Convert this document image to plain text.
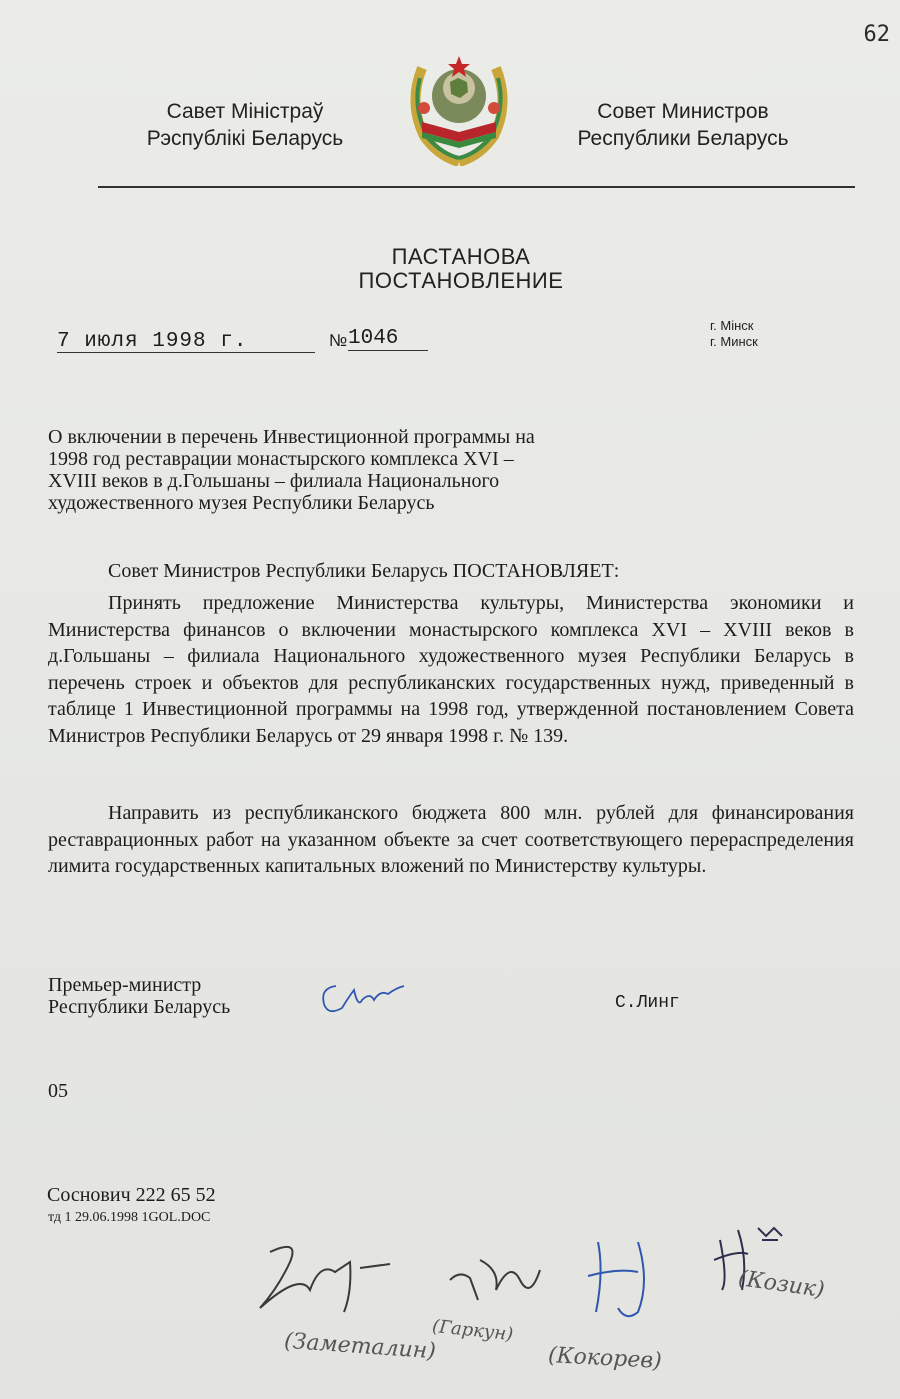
62
Савет Міністраў
Рэспублікі Беларусь
Совет Министров
Республики Беларусь
ПАСТАНОВА
ПОСТАНОВЛЕНИЕ
7 июля 1998 г.	№ 1046
г. Мінск
г. Минск

О включении в перечень Инвестиционной программы на

1998 год реставрации монастырского комплекса XVI –

XVIII веков в д.Гольшаны – филиала Национального

художественного музея Республики Беларусь

Совет Министров Республики Беларусь ПОСТАНОВЛЯЕТ:

Принять предложение Министерства культуры, Министерства экономики и Министерства финансов о включении монастырского комплекса XVI – XVIII веков в д.Гольшаны – филиала Национального художественного музея Республики Беларусь в перечень строек и объектов для республиканских государственных нужд, приведенный в таблице 1 Инвестиционной программы на 1998 год, утвержденной постановлением Совета Министров Республики Беларусь от 29 января 1998 г. № 139.

Направить из республиканского бюджета 800 млн. рублей для финансирования реставрационных работ на указанном объекте за счет соответствующего перераспределения лимита государственных капитальных вложений по Министерству культуры.

Премьер-министр
Республики Беларусь	С.Линг
05
Соснович 222 65 52
тд 1 29.06.1998 1GOL.DOC
(Заметалин)
(Гаркун)
(Кокорев)
(Козик)
